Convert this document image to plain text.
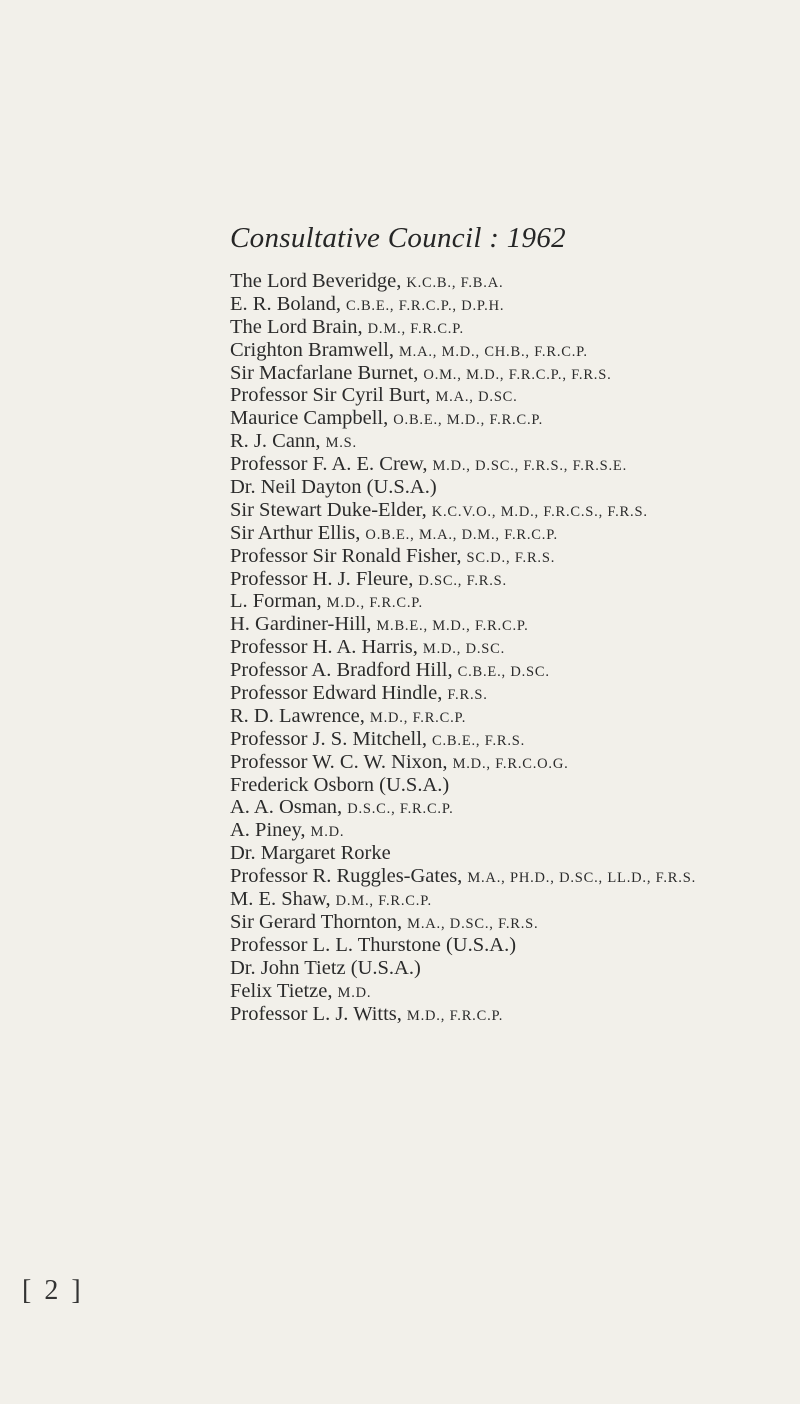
Consultative Council : 1962
The Lord Beveridge, K.C.B., F.B.A.
E. R. Boland, C.B.E., F.R.C.P., D.P.H.
The Lord Brain, D.M., F.R.C.P.
Crighton Bramwell, M.A., M.D., CH.B., F.R.C.P.
Sir Macfarlane Burnet, O.M., M.D., F.R.C.P., F.R.S.
Professor Sir Cyril Burt, M.A., D.SC.
Maurice Campbell, O.B.E., M.D., F.R.C.P.
R. J. Cann, M.S.
Professor F. A. E. Crew, M.D., D.SC., F.R.S., F.R.S.E.
Dr. Neil Dayton (U.S.A.)
Sir Stewart Duke-Elder, K.C.V.O., M.D., F.R.C.S., F.R.S.
Sir Arthur Ellis, O.B.E., M.A., D.M., F.R.C.P.
Professor Sir Ronald Fisher, SC.D., F.R.S.
Professor H. J. Fleure, D.SC., F.R.S.
L. Forman, M.D., F.R.C.P.
H. Gardiner-Hill, M.B.E., M.D., F.R.C.P.
Professor H. A. Harris, M.D., D.SC.
Professor A. Bradford Hill, C.B.E., D.SC.
Professor Edward Hindle, F.R.S.
R. D. Lawrence, M.D., F.R.C.P.
Professor J. S. Mitchell, C.B.E., F.R.S.
Professor W. C. W. Nixon, M.D., F.R.C.O.G.
Frederick Osborn (U.S.A.)
A. A. Osman, D.S.C., F.R.C.P.
A. Piney, M.D.
Dr. Margaret Rorke
Professor R. Ruggles-Gates, M.A., PH.D., D.SC., LL.D., F.R.S.
M. E. Shaw, D.M., F.R.C.P.
Sir Gerard Thornton, M.A., D.SC., F.R.S.
Professor L. L. Thurstone (U.S.A.)
Dr. John Tietz (U.S.A.)
Felix Tietze, M.D.
Professor L. J. Witts, M.D., F.R.C.P.
[ 2 ]
